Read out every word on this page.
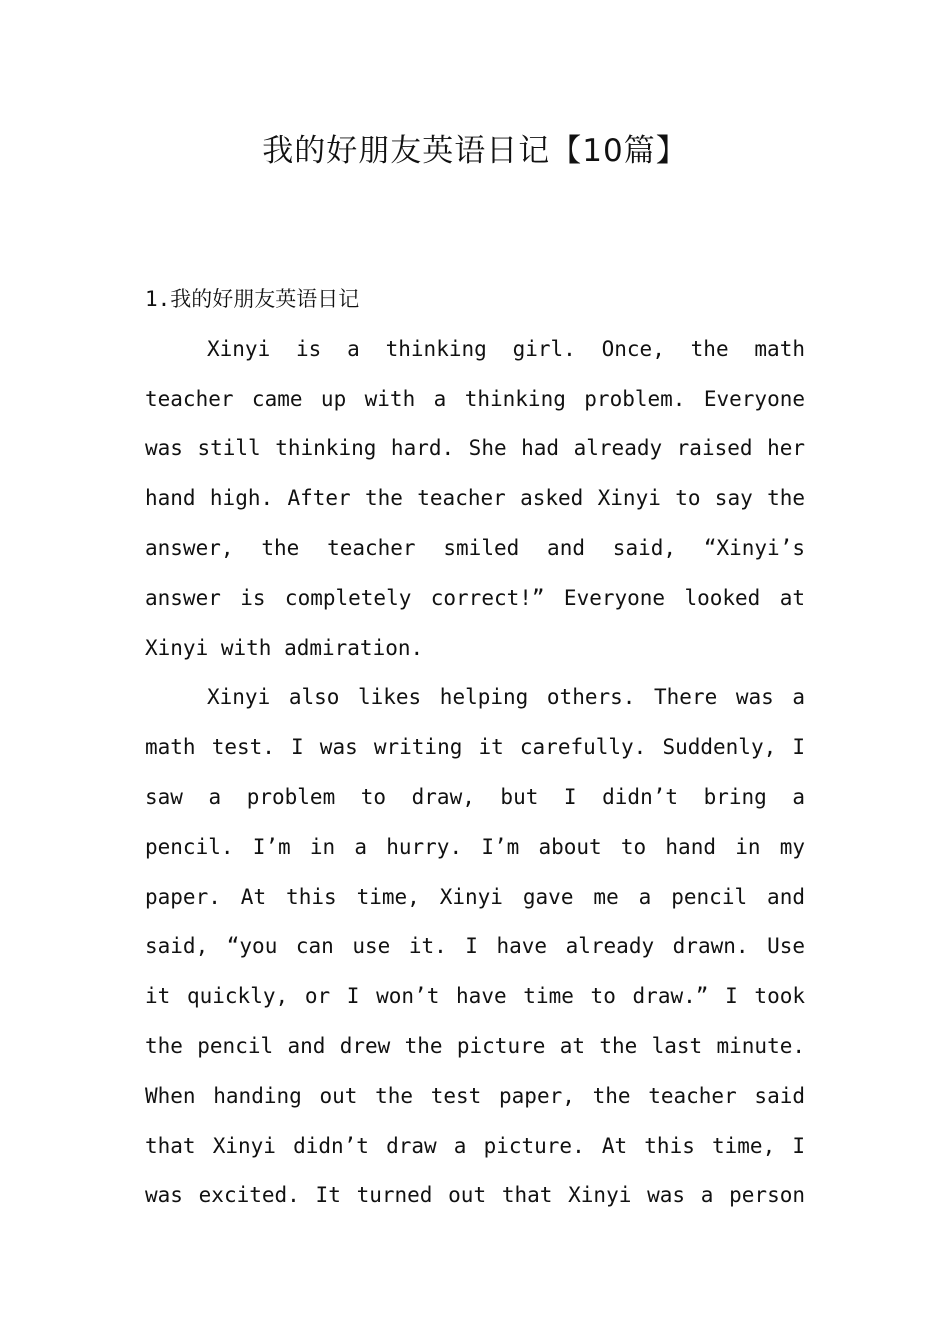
我的好朋友英语日记【10篇】
1.我的好朋友英语日记
Xinyi is a thinking girl. Once, the math
teacher came up with a thinking problem. Everyone
was still thinking hard. She had already raised her
hand high. After the teacher asked Xinyi to say the
answer, the teacher smiled and said, “Xinyi’s
answer is completely correct!” Everyone looked at
Xinyi with admiration.
Xinyi also likes helping others. There was a
math test. I was writing it carefully. Suddenly, I
saw a problem to draw, but I didn’t bring a
pencil. I’m in a hurry. I’m about to hand in my
paper. At this time, Xinyi gave me a pencil and
said, “you can use it. I have already drawn. Use
it quickly, or I won’t have time to draw.” I took
the pencil and drew the picture at the last minute.
When handing out the test paper, the teacher said
that Xinyi didn’t draw a picture. At this time, I
was excited. It turned out that Xinyi was a person
